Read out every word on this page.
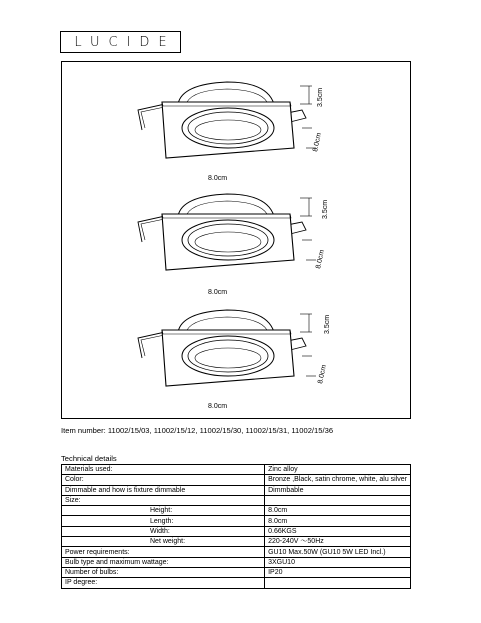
LUCIDE
8.0cm
3.5cm
8.0cm
8.0cm
3.5cm
8.0cm
8.0cm
3.5cm
8.0cm
Item number: 11002/15/03, 11002/15/12, 11002/15/30, 11002/15/31, 11002/15/36
Technical details
Materials used:	Zinc alloy
Color:	Bronze ,Black, satin chrome, white, alu silver
Dimmable and how is fixture dimmable	Dimmbable
Size:	
Height:	8.0cm
Length:	8.0cm
Width:	0.66KGS
Net weight:	220-240V ～50Hz
Power requirements:	GU10 Max.50W (GU10 5W LED Incl.)
Bulb type and maximum wattage:	3XGU10
Number of bulbs:	IP20
IP degree:	
